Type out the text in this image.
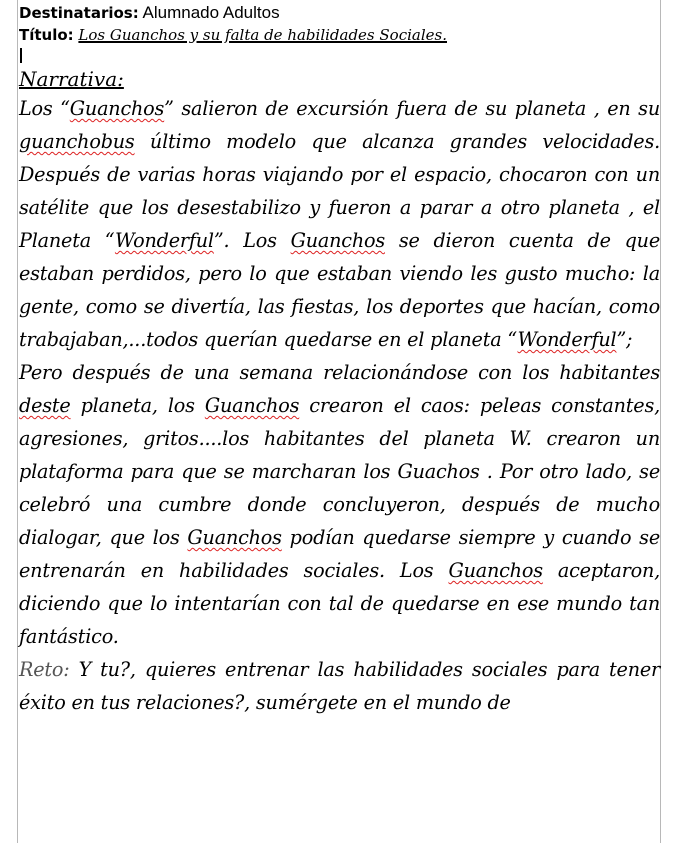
Destinatarios: Alumnado Adultos
Título: Los Guanchos y su falta de habilidades Sociales.
Narrativa:

Los “Guanchos” salieron de excursión fuera de su planeta , en su guanchobus último modelo que alcanza grandes velocidades. Después de varias horas viajando por el espacio, chocaron con un satélite que los desestabilizo y fueron a parar a otro planeta , el Planeta “Wonderful”. Los Guanchos se dieron cuenta de que estaban perdidos, pero lo que estaban viendo les gusto mucho: la gente, como se divertía, las fiestas, los deportes que hacían, como trabajaban,...todos querían quedarse en el planeta “Wonderful”;

Pero después de una semana relacionándose con los habitantes deste planeta, los Guanchos crearon el caos: peleas constantes, agresiones, gritos....los habitantes del planeta W. crearon un plataforma para que se marcharan los Guachos . Por otro lado, se celebró una cumbre donde concluyeron, después de mucho dialogar, que los Guanchos podían quedarse siempre y cuando se entrenarán en habilidades sociales. Los Guanchos aceptaron, diciendo que lo intentarían con tal de quedarse en ese mundo tan fantástico.

Reto: Y tu?, quieres entrenar las habilidades sociales para tener éxito en tus relaciones?, sumérgete en el mundo de
